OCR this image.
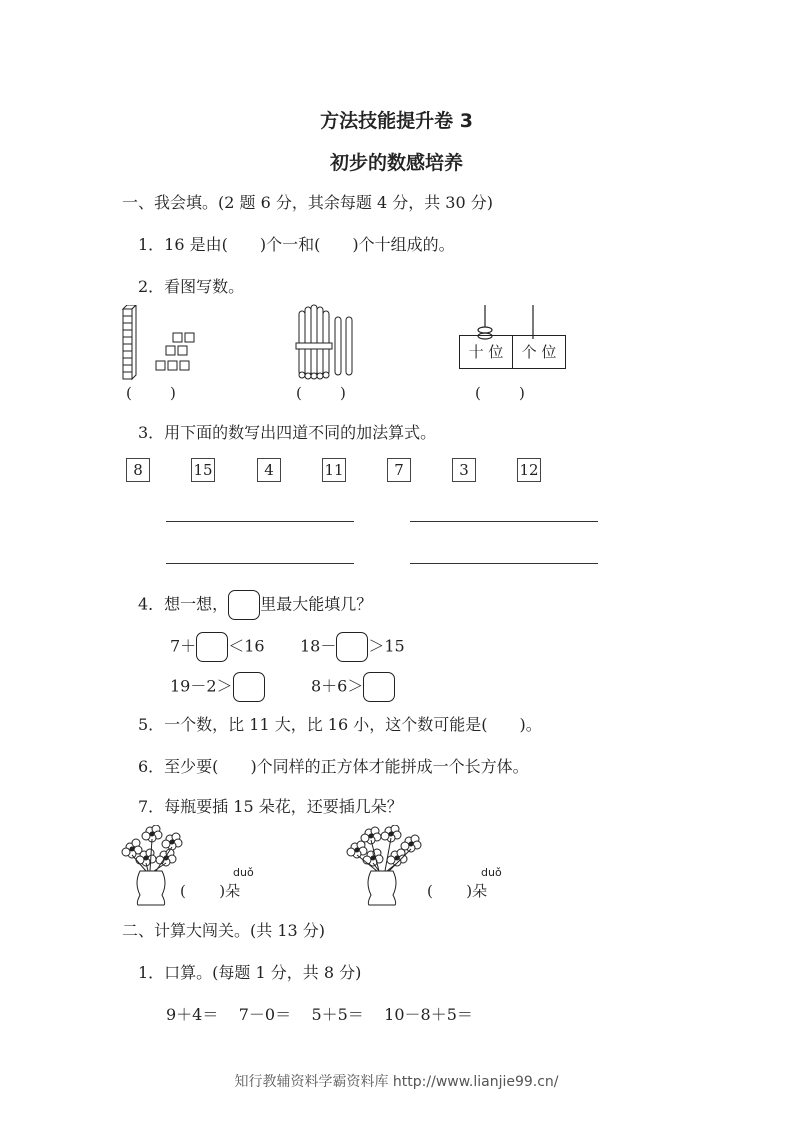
方法技能提升卷 3
初步的数感培养
一、我会填。(2 题 6 分，其余每题 4 分，共 30 分)
1．16 是由( )个一和( )个十组成的。
2．看图写数。
十 位 个 位
(        )	(        )	(        )
3．用下面的数写出四道不同的加法算式。
8	15	4	11	7	3	12
4．想一想， 里最大能填几？
7＋ ＜16 18－ ＞15
19－2＞	8＋6＞
5．一个数，比 11 大，比 16 小，这个数可能是( )。
6．至少要( )个同样的正方体才能拼成一个长方体。
7．每瓶要插 15 朵花，还要插几朵？
duǒ
(       )朵
duǒ
(       )朵
二、计算大闯关。(共 13 分)
1．口算。(每题 1 分，共 8 分)
9＋4＝ 7－0＝ 5＋5＝ 10－8＋5＝
知行教辅资料学霸资料库 http://www.lianjie99.cn/
